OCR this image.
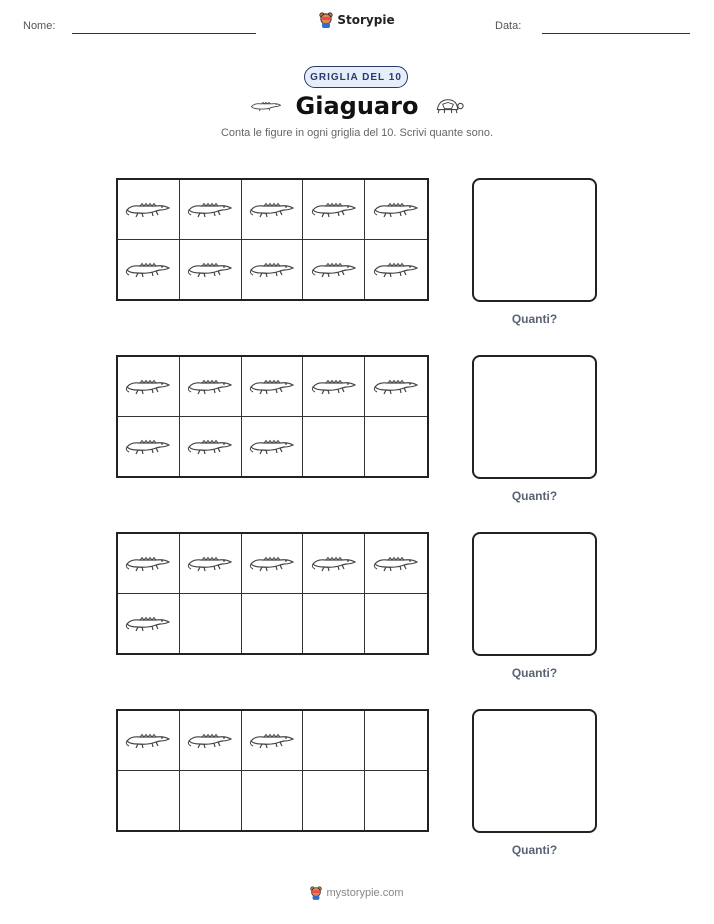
Nome:	Storypie	Data:
GRIGLIA DEL 10
Giaguaro
Conta le figure in ogni griglia del 10. Scrivi quante sono.
Quanti?
Quanti?
Quanti?
Quanti?
mystorypie.com
